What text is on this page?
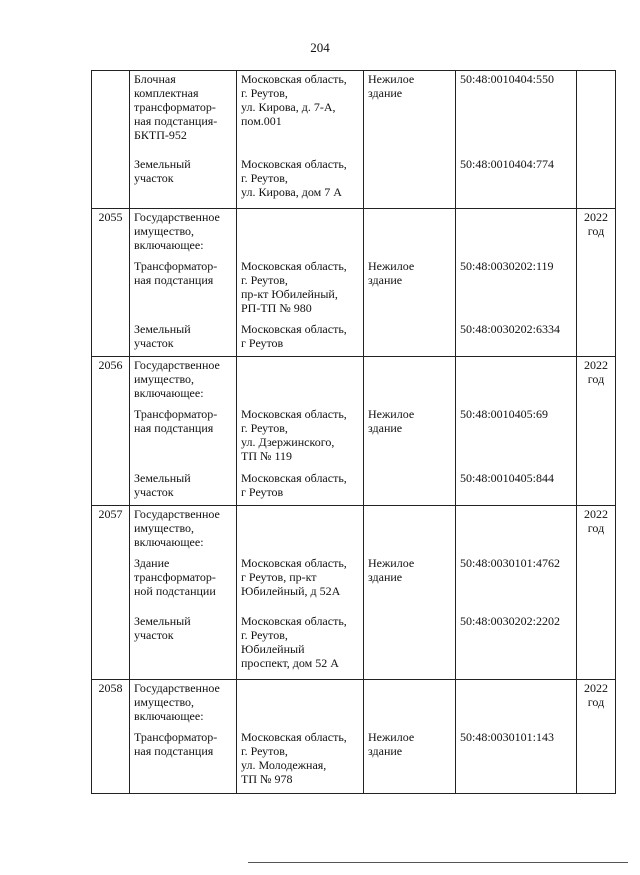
204
	Блочная
комплектная
трансформатор-
ная подстанция-
БКТП-952	Московская область,
г. Реутов,
ул. Кирова, д. 7-А,
пом.001	Нежилое
здание	50:48:0010404:550	
	Земельный
участок	Московская область,
г. Реутов,
ул. Кирова, дом 7 А		50:48:0010404:774	
2055	Государственное
имущество,
включающее:				2022
год
	Трансформатор-
ная подстанция	Московская область,
г. Реутов,
пр-кт Юбилейный,
РП-ТП № 980	Нежилое
здание	50:48:0030202:119	
	Земельный
участок	Московская область,
г Реутов		50:48:0030202:6334	
2056	Государственное
имущество,
включающее:				2022
год
	Трансформатор-
ная подстанция	Московская область,
г. Реутов,
ул. Дзержинского,
ТП № 119	Нежилое
здание	50:48:0010405:69	
	Земельный
участок	Московская область,
г Реутов		50:48:0010405:844	
2057	Государственное
имущество,
включающее:				2022
год
	Здание
трансформатор-
ной подстанции	Московская область,
г Реутов, пр-кт
Юбилейный, д 52А	Нежилое
здание	50:48:0030101:4762	
	Земельный
участок	Московская область,
г. Реутов,
Юбилейный
проспект, дом 52 А		50:48:0030202:2202	
2058	Государственное
имущество,
включающее:				2022
год
	Трансформатор-
ная подстанция	Московская область,
г. Реутов,
ул. Молодежная,
ТП № 978	Нежилое
здание	50:48:0030101:143	
